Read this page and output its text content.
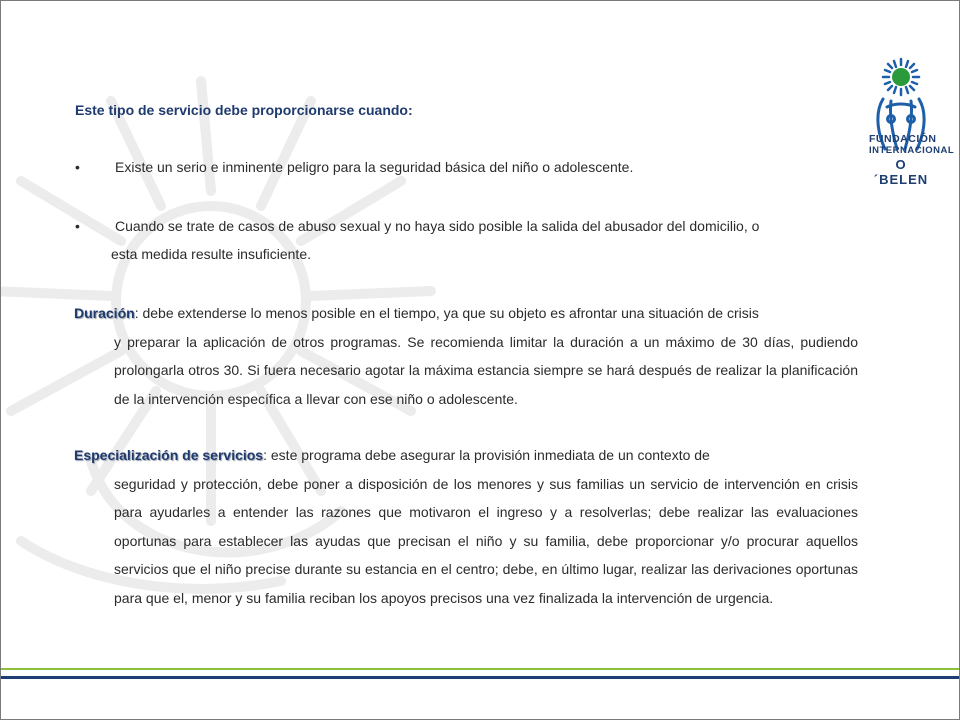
FUNDACIÓN
INTERNACIONAL
O´BELEN
Este tipo de servicio debe proporcionarse cuando:
•	Existe un serio e inminente peligro para la seguridad básica del niño o adolescente.
•	Cuando se trate de casos de abuso sexual y no haya sido posible la salida del abusador del domicilio, o
esta medida resulte insuficiente.
Duración: debe extenderse lo menos posible en el tiempo, ya que su objeto es afrontar una situación de crisis
y preparar la aplicación de otros programas. Se recomienda limitar la duración a un máximo de 30 días, pudiendo prolongarla otros 30. Si fuera necesario agotar la máxima estancia siempre se hará después de realizar la planificación de la intervención específica a llevar con ese niño o adolescente.
Especialización de servicios: este programa debe asegurar la provisión inmediata de un contexto de
seguridad y protección, debe poner a disposición de los menores y sus familias un servicio de intervención en crisis para ayudarles a entender las razones que motivaron el ingreso y a resolverlas; debe realizar las evaluaciones oportunas para establecer las ayudas que precisan el niño y su familia, debe proporcionar y/o procurar aquellos servicios que el niño precise durante su estancia en el centro; debe, en último lugar, realizar las derivaciones oportunas para que el, menor y su familia reciban los apoyos precisos una vez finalizada la intervención de urgencia.
